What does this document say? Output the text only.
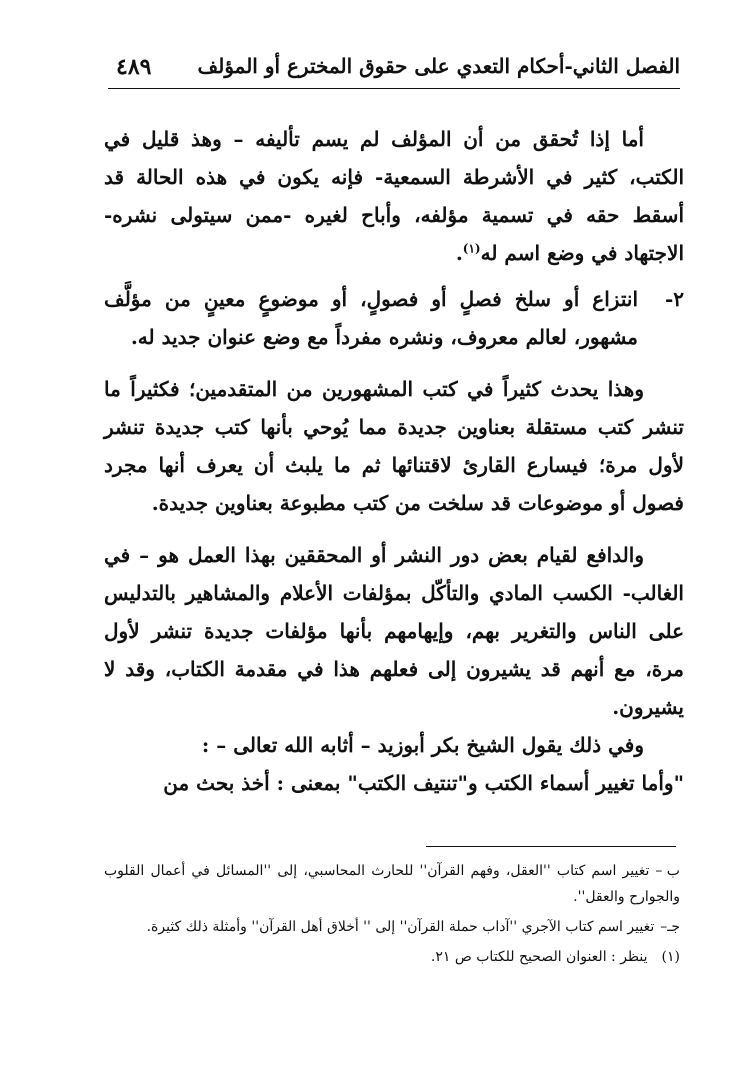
الفصل الثاني-أحكام التعدي على حقوق المخترع أو المؤلف
٤٨٩

أما إذا تُحقق من أن المؤلف لم يسم تأليفه – وهذ قليل في الكتب، كثير في الأشرطة السمعية- فإنه يكون في هذه الحالة قد أسقط حقه في تسمية مؤلفه، وأباح لغيره -ممن سيتولى نشره- الاجتهاد في وضع اسم له$^{(١)}$.

٢-
انتزاع أو سلخ فصلٍ أو فصولٍ، أو موضوعٍ معينٍ من مؤلَّف مشهور، لعالم معروف، ونشره مفرداً مع وضع عنوان جديد له.

وهذا يحدث كثيراً في كتب المشهورين من المتقدمين؛ فكثيراً ما تنشر كتب مستقلة بعناوين جديدة مما يُوحي بأنها كتب جديدة تنشر لأول مرة؛ فيسارع القارئ لاقتنائها ثم ما يلبث أن يعرف أنها مجرد فصول أو موضوعات قد سلخت من كتب مطبوعة بعناوين جديدة.

والدافع لقيام بعض دور النشر أو المحققين بهذا العمل هو – في الغالب- الكسب المادي والتأكّل بمؤلفات الأعلام والمشاهير بالتدليس على الناس والتغرير بهم، وإيهامهم بأنها مؤلفات جديدة تنشر لأول مرة، مع أنهم قد يشيرون إلى فعلهم هذا في مقدمة الكتاب، وقد لا يشيرون.

وفي ذلك يقول الشيخ بكر أبوزيد – أثابه الله تعالى – :

"وأما تغيير أسماء الكتب و"تنتيف الكتب" بمعنى : أخذ بحث من

ب –تغيير اسم كتاب ''العقل، وفهم القرآن'' للحارث المحاسبي، إلى ''المسائل في أعمال القلوب والجوارح والعقل''.

جـ–تغيير اسم كتاب الآجري ''آداب حملة القرآن'' إلى '' أخلاق أهل القرآن'' وأمثلة ذلك كثيرة.

(١)ينظر : العنوان الصحيح للكتاب ص ٢١.
